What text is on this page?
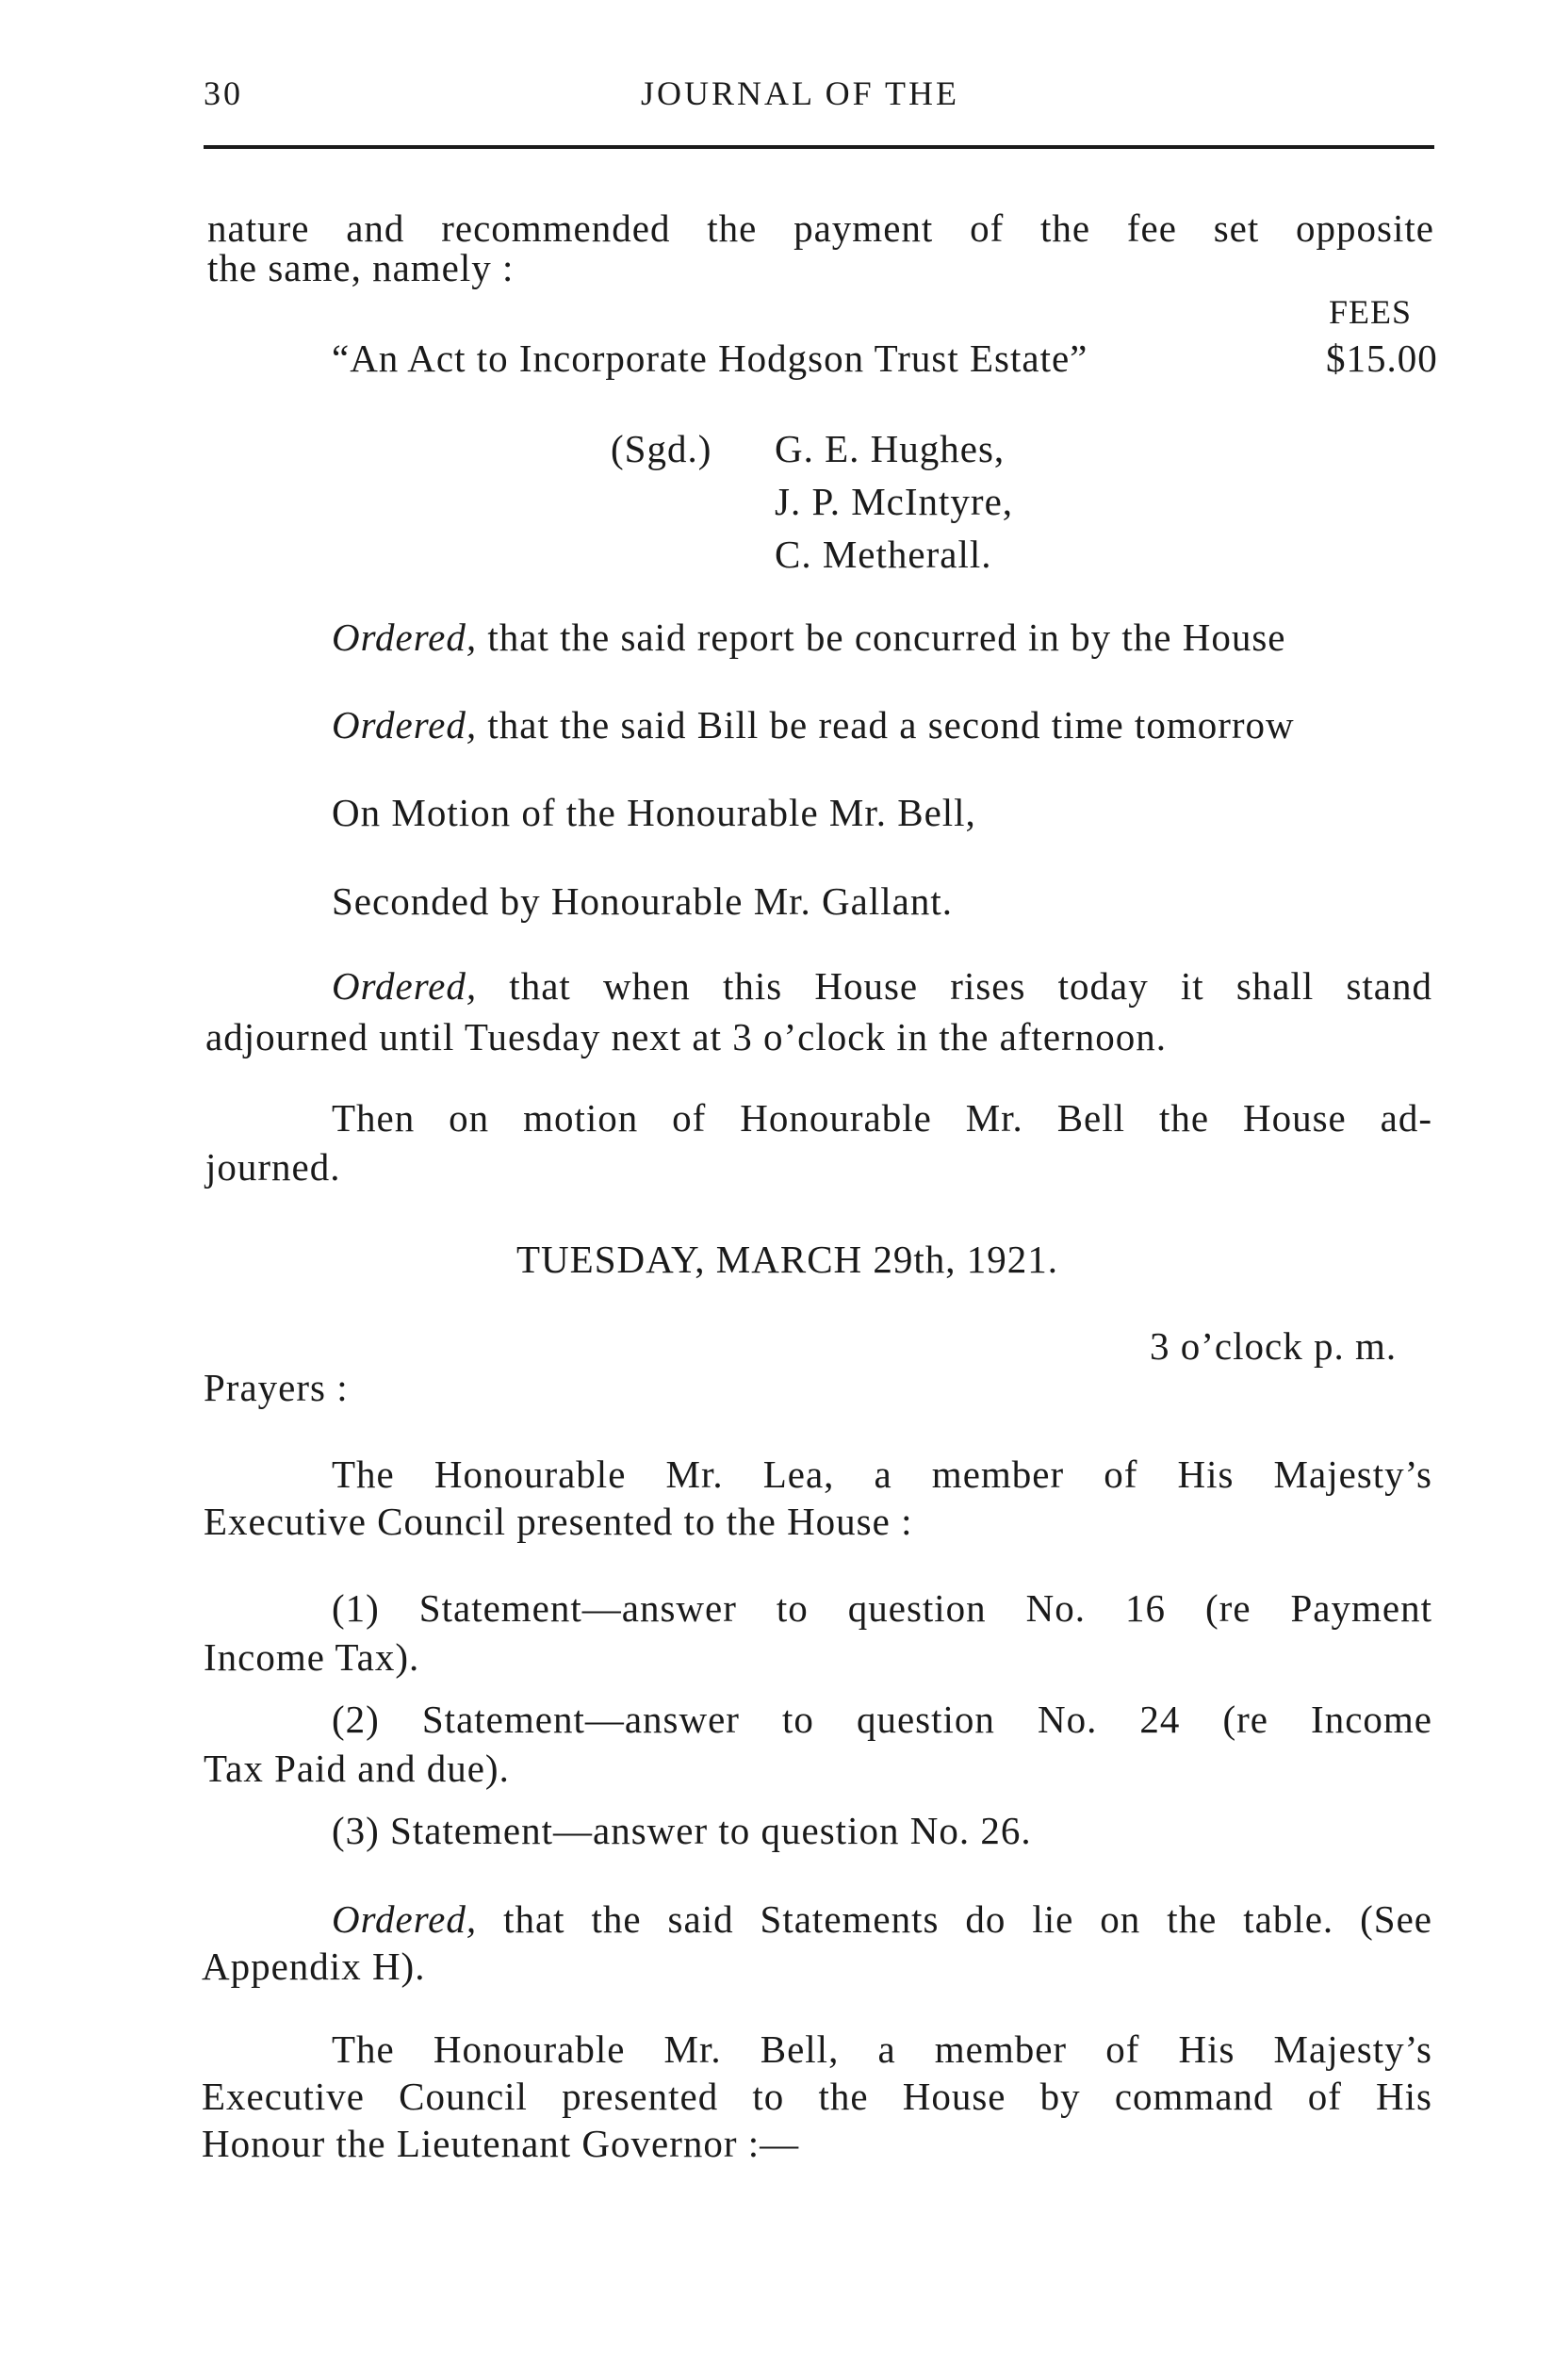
30	JOURNAL OF THE
nature and recommended the payment of the fee set opposite
the same, namely :
FEES
“An Act to Incorporate Hodgson Trust Estate”	$15.00
(Sgd.) G. E. Hughes,
J. P. McIntyre,
C. Metherall.
Ordered, that the said report be concurred in by the House
Ordered, that the said Bill be read a second time tomorrow
On Motion of the Honourable Mr. Bell,
Seconded by Honourable Mr. Gallant.
Ordered, that when this House rises today it shall stand
adjourned until Tuesday next at 3 o’clock in the afternoon.
Then on motion of Honourable Mr. Bell the House ad-
journed.
TUESDAY, MARCH 29th, 1921.
3 o’clock p. m.
Prayers :
The Honourable Mr. Lea, a member of His Majesty’s
Executive Council presented to the House :
(1) Statement—answer to question No. 16 (re Payment
Income Tax).
(2) Statement—answer to question No. 24 (re Income
Tax Paid and due).
(3) Statement—answer to question No. 26.
Ordered, that the said Statements do lie on the table. (See
Appendix H).
The Honourable Mr. Bell, a member of His Majesty’s
Executive Council presented to the House by command of His
Honour the Lieutenant Governor :—
